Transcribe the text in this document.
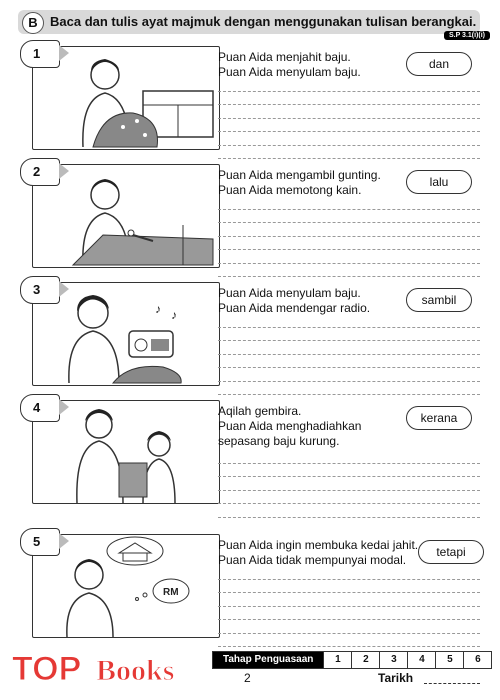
B Baca dan tulis ayat majmuk dengan menggunakan tulisan berangkai.
S.P 3.1(i)(i)
1	Puan Aida menjahit baju.
Puan Aida menyulam baju.
dan
2	Puan Aida mengambil gunting.
Puan Aida memotong kain.
lalu
♪
♪
3	Puan Aida menyulam baju.
Puan Aida mendengar radio.
sambil
4	Aqilah gembira.
Puan Aida menghadiahkan
sepasang baju kurung.
kerana
RM
5	Puan Aida ingin membuka kedai jahit.
Puan Aida tidak mempunyai modal.
tetapi
Tahap Penguasaan	1	2	3	4	5	6
2	Tarikh
TOP Books
